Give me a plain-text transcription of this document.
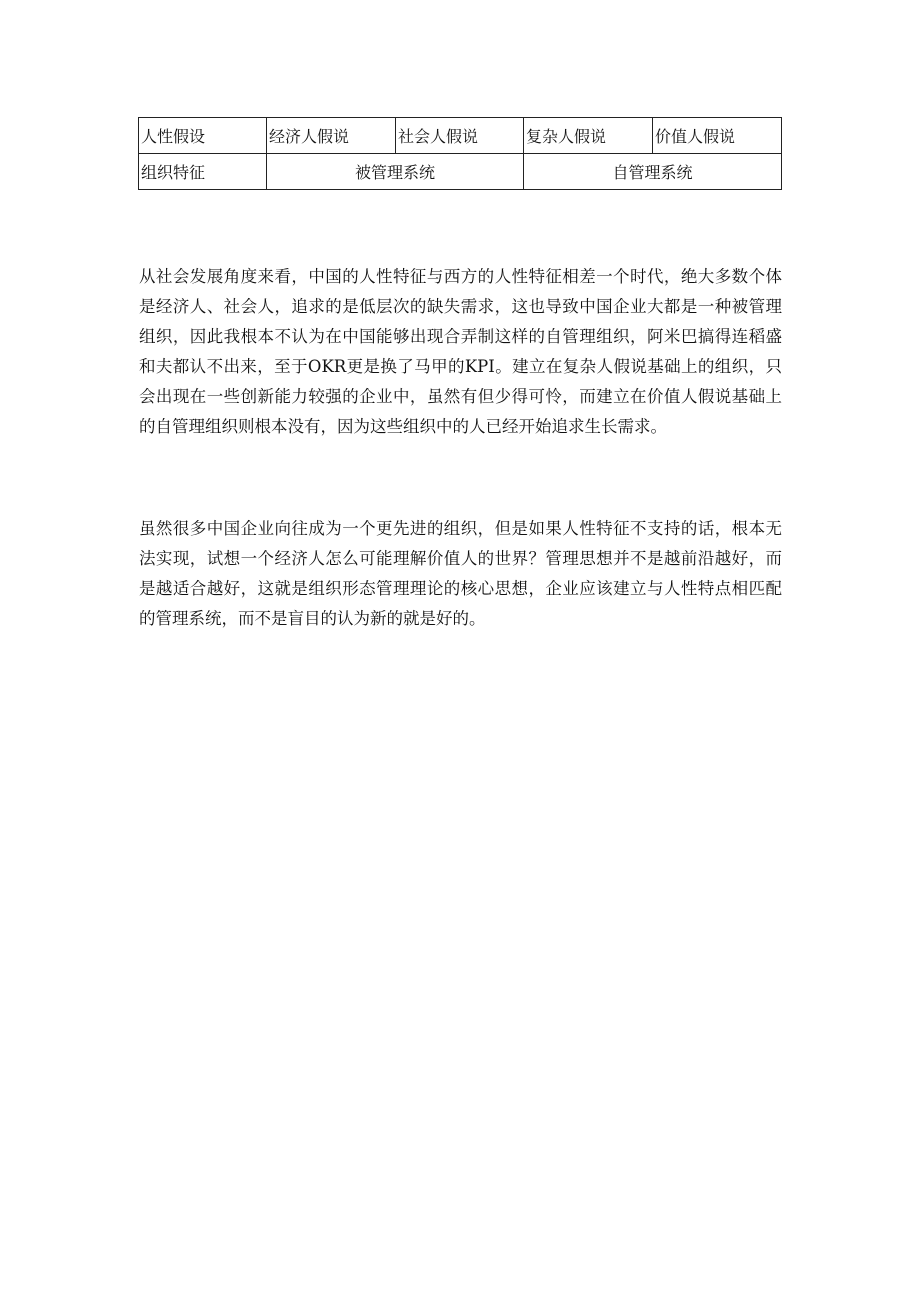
人性假设	经济人假说	社会人假说	复杂人假说	价值人假说
组织特征	被管理系统		自管理系统	

从社会发展角度来看，中国的人性特征与西方的人性特征相差一个时代，绝大多数个体是经济人、社会人，追求的是低层次的缺失需求，这也导致中国企业大都是一种被管理组织，因此我根本不认为在中国能够出现合弄制这样的自管理组织，阿米巴搞得连稻盛和夫都认不出来，至于OKR更是换了马甲的KPI。建立在复杂人假说基础上的组织，只会出现在一些创新能力较强的企业中，虽然有但少得可怜，而建立在价值人假说基础上的自管理组织则根本没有，因为这些组织中的人已经开始追求生长需求。

虽然很多中国企业向往成为一个更先进的组织，但是如果人性特征不支持的话，根本无法实现，试想一个经济人怎么可能理解价值人的世界？管理思想并不是越前沿越好，而是越适合越好，这就是组织形态管理理论的核心思想，企业应该建立与人性特点相匹配的管理系统，而不是盲目的认为新的就是好的。
